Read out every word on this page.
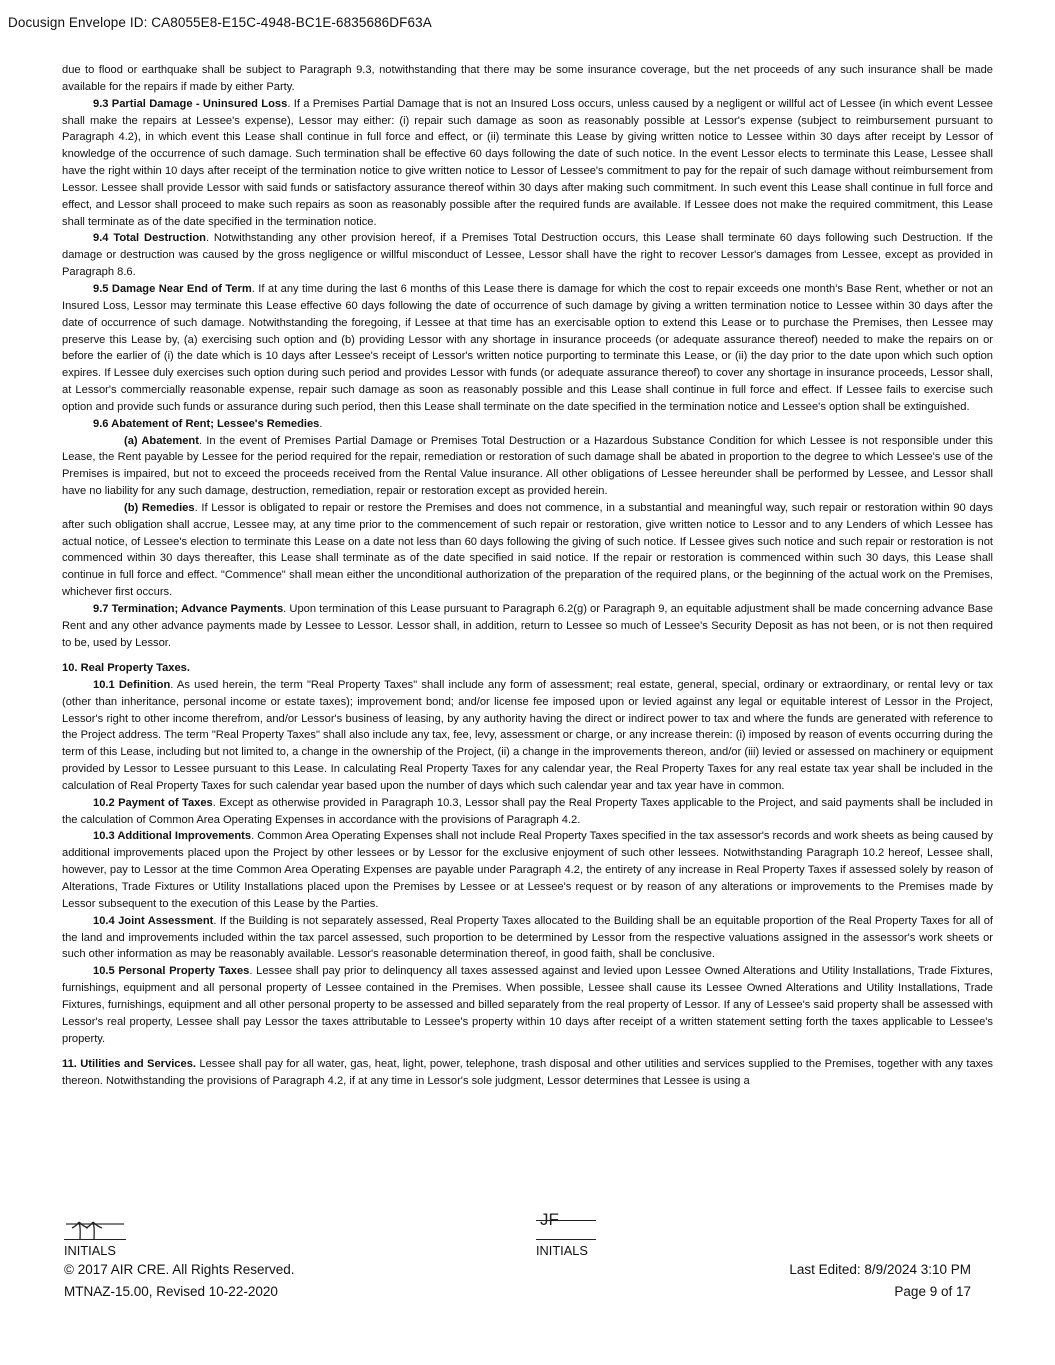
Docusign Envelope ID: CA8055E8-E15C-4948-BC1E-6835686DF63A

due to flood or earthquake shall be subject to Paragraph 9.3, notwithstanding that there may be some insurance coverage, but the net proceeds of any such insurance shall be made available for the repairs if made by either Party.

9.3 Partial Damage - Uninsured Loss. If a Premises Partial Damage that is not an Insured Loss occurs, unless caused by a negligent or willful act of Lessee (in which event Lessee shall make the repairs at Lessee's expense), Lessor may either: (i) repair such damage as soon as reasonably possible at Lessor's expense (subject to reimbursement pursuant to Paragraph 4.2), in which event this Lease shall continue in full force and effect, or (ii) terminate this Lease by giving written notice to Lessee within 30 days after receipt by Lessor of knowledge of the occurrence of such damage. Such termination shall be effective 60 days following the date of such notice. In the event Lessor elects to terminate this Lease, Lessee shall have the right within 10 days after receipt of the termination notice to give written notice to Lessor of Lessee's commitment to pay for the repair of such damage without reimbursement from Lessor. Lessee shall provide Lessor with said funds or satisfactory assurance thereof within 30 days after making such commitment. In such event this Lease shall continue in full force and effect, and Lessor shall proceed to make such repairs as soon as reasonably possible after the required funds are available. If Lessee does not make the required commitment, this Lease shall terminate as of the date specified in the termination notice.

9.4 Total Destruction. Notwithstanding any other provision hereof, if a Premises Total Destruction occurs, this Lease shall terminate 60 days following such Destruction. If the damage or destruction was caused by the gross negligence or willful misconduct of Lessee, Lessor shall have the right to recover Lessor's damages from Lessee, except as provided in Paragraph 8.6.

9.5 Damage Near End of Term. If at any time during the last 6 months of this Lease there is damage for which the cost to repair exceeds one month's Base Rent, whether or not an Insured Loss, Lessor may terminate this Lease effective 60 days following the date of occurrence of such damage by giving a written termination notice to Lessee within 30 days after the date of occurrence of such damage. Notwithstanding the foregoing, if Lessee at that time has an exercisable option to extend this Lease or to purchase the Premises, then Lessee may preserve this Lease by, (a) exercising such option and (b) providing Lessor with any shortage in insurance proceeds (or adequate assurance thereof) needed to make the repairs on or before the earlier of (i) the date which is 10 days after Lessee's receipt of Lessor's written notice purporting to terminate this Lease, or (ii) the day prior to the date upon which such option expires. If Lessee duly exercises such option during such period and provides Lessor with funds (or adequate assurance thereof) to cover any shortage in insurance proceeds, Lessor shall, at Lessor's commercially reasonable expense, repair such damage as soon as reasonably possible and this Lease shall continue in full force and effect. If Lessee fails to exercise such option and provide such funds or assurance during such period, then this Lease shall terminate on the date specified in the termination notice and Lessee's option shall be extinguished.

9.6 Abatement of Rent; Lessee's Remedies.

(a) Abatement. In the event of Premises Partial Damage or Premises Total Destruction or a Hazardous Substance Condition for which Lessee is not responsible under this Lease, the Rent payable by Lessee for the period required for the repair, remediation or restoration of such damage shall be abated in proportion to the degree to which Lessee's use of the Premises is impaired, but not to exceed the proceeds received from the Rental Value insurance. All other obligations of Lessee hereunder shall be performed by Lessee, and Lessor shall have no liability for any such damage, destruction, remediation, repair or restoration except as provided herein.

(b) Remedies. If Lessor is obligated to repair or restore the Premises and does not commence, in a substantial and meaningful way, such repair or restoration within 90 days after such obligation shall accrue, Lessee may, at any time prior to the commencement of such repair or restoration, give written notice to Lessor and to any Lenders of which Lessee has actual notice, of Lessee's election to terminate this Lease on a date not less than 60 days following the giving of such notice. If Lessee gives such notice and such repair or restoration is not commenced within 30 days thereafter, this Lease shall terminate as of the date specified in said notice. If the repair or restoration is commenced within such 30 days, this Lease shall continue in full force and effect. "Commence" shall mean either the unconditional authorization of the preparation of the required plans, or the beginning of the actual work on the Premises, whichever first occurs.

9.7 Termination; Advance Payments. Upon termination of this Lease pursuant to Paragraph 6.2(g) or Paragraph 9, an equitable adjustment shall be made concerning advance Base Rent and any other advance payments made by Lessee to Lessor. Lessor shall, in addition, return to Lessee so much of Lessee's Security Deposit as has not been, or is not then required to be, used by Lessor.

10. Real Property Taxes.

10.1 Definition. As used herein, the term "Real Property Taxes" shall include any form of assessment; real estate, general, special, ordinary or extraordinary, or rental levy or tax (other than inheritance, personal income or estate taxes); improvement bond; and/or license fee imposed upon or levied against any legal or equitable interest of Lessor in the Project, Lessor's right to other income therefrom, and/or Lessor's business of leasing, by any authority having the direct or indirect power to tax and where the funds are generated with reference to the Project address. The term "Real Property Taxes" shall also include any tax, fee, levy, assessment or charge, or any increase therein: (i) imposed by reason of events occurring during the term of this Lease, including but not limited to, a change in the ownership of the Project, (ii) a change in the improvements thereon, and/or (iii) levied or assessed on machinery or equipment provided by Lessor to Lessee pursuant to this Lease. In calculating Real Property Taxes for any calendar year, the Real Property Taxes for any real estate tax year shall be included in the calculation of Real Property Taxes for such calendar year based upon the number of days which such calendar year and tax year have in common.

10.2 Payment of Taxes. Except as otherwise provided in Paragraph 10.3, Lessor shall pay the Real Property Taxes applicable to the Project, and said payments shall be included in the calculation of Common Area Operating Expenses in accordance with the provisions of Paragraph 4.2.

10.3 Additional Improvements. Common Area Operating Expenses shall not include Real Property Taxes specified in the tax assessor's records and work sheets as being caused by additional improvements placed upon the Project by other lessees or by Lessor for the exclusive enjoyment of such other lessees. Notwithstanding Paragraph 10.2 hereof, Lessee shall, however, pay to Lessor at the time Common Area Operating Expenses are payable under Paragraph 4.2, the entirety of any increase in Real Property Taxes if assessed solely by reason of Alterations, Trade Fixtures or Utility Installations placed upon the Premises by Lessee or at Lessee's request or by reason of any alterations or improvements to the Premises made by Lessor subsequent to the execution of this Lease by the Parties.

10.4 Joint Assessment. If the Building is not separately assessed, Real Property Taxes allocated to the Building shall be an equitable proportion of the Real Property Taxes for all of the land and improvements included within the tax parcel assessed, such proportion to be determined by Lessor from the respective valuations assigned in the assessor's work sheets or such other information as may be reasonably available. Lessor's reasonable determination thereof, in good faith, shall be conclusive.

10.5 Personal Property Taxes. Lessee shall pay prior to delinquency all taxes assessed against and levied upon Lessee Owned Alterations and Utility Installations, Trade Fixtures, furnishings, equipment and all personal property of Lessee contained in the Premises. When possible, Lessee shall cause its Lessee Owned Alterations and Utility Installations, Trade Fixtures, furnishings, equipment and all other personal property to be assessed and billed separately from the real property of Lessor. If any of Lessee's said property shall be assessed with Lessor's real property, Lessee shall pay Lessor the taxes attributable to Lessee's property within 10 days after receipt of a written statement setting forth the taxes applicable to Lessee's property.

11. Utilities and Services. Lessee shall pay for all water, gas, heat, light, power, telephone, trash disposal and other utilities and services supplied to the Premises, together with any taxes thereon. Notwithstanding the provisions of Paragraph 4.2, if at any time in Lessor's sole judgment, Lessor determines that Lessee is using a

INITIALS
JF
INITIALS
© 2017 AIR CRE. All Rights Reserved.
MTNAZ-15.00, Revised 10-22-2020
Last Edited: 8/9/2024 3:10 PM
Page 9 of 17
